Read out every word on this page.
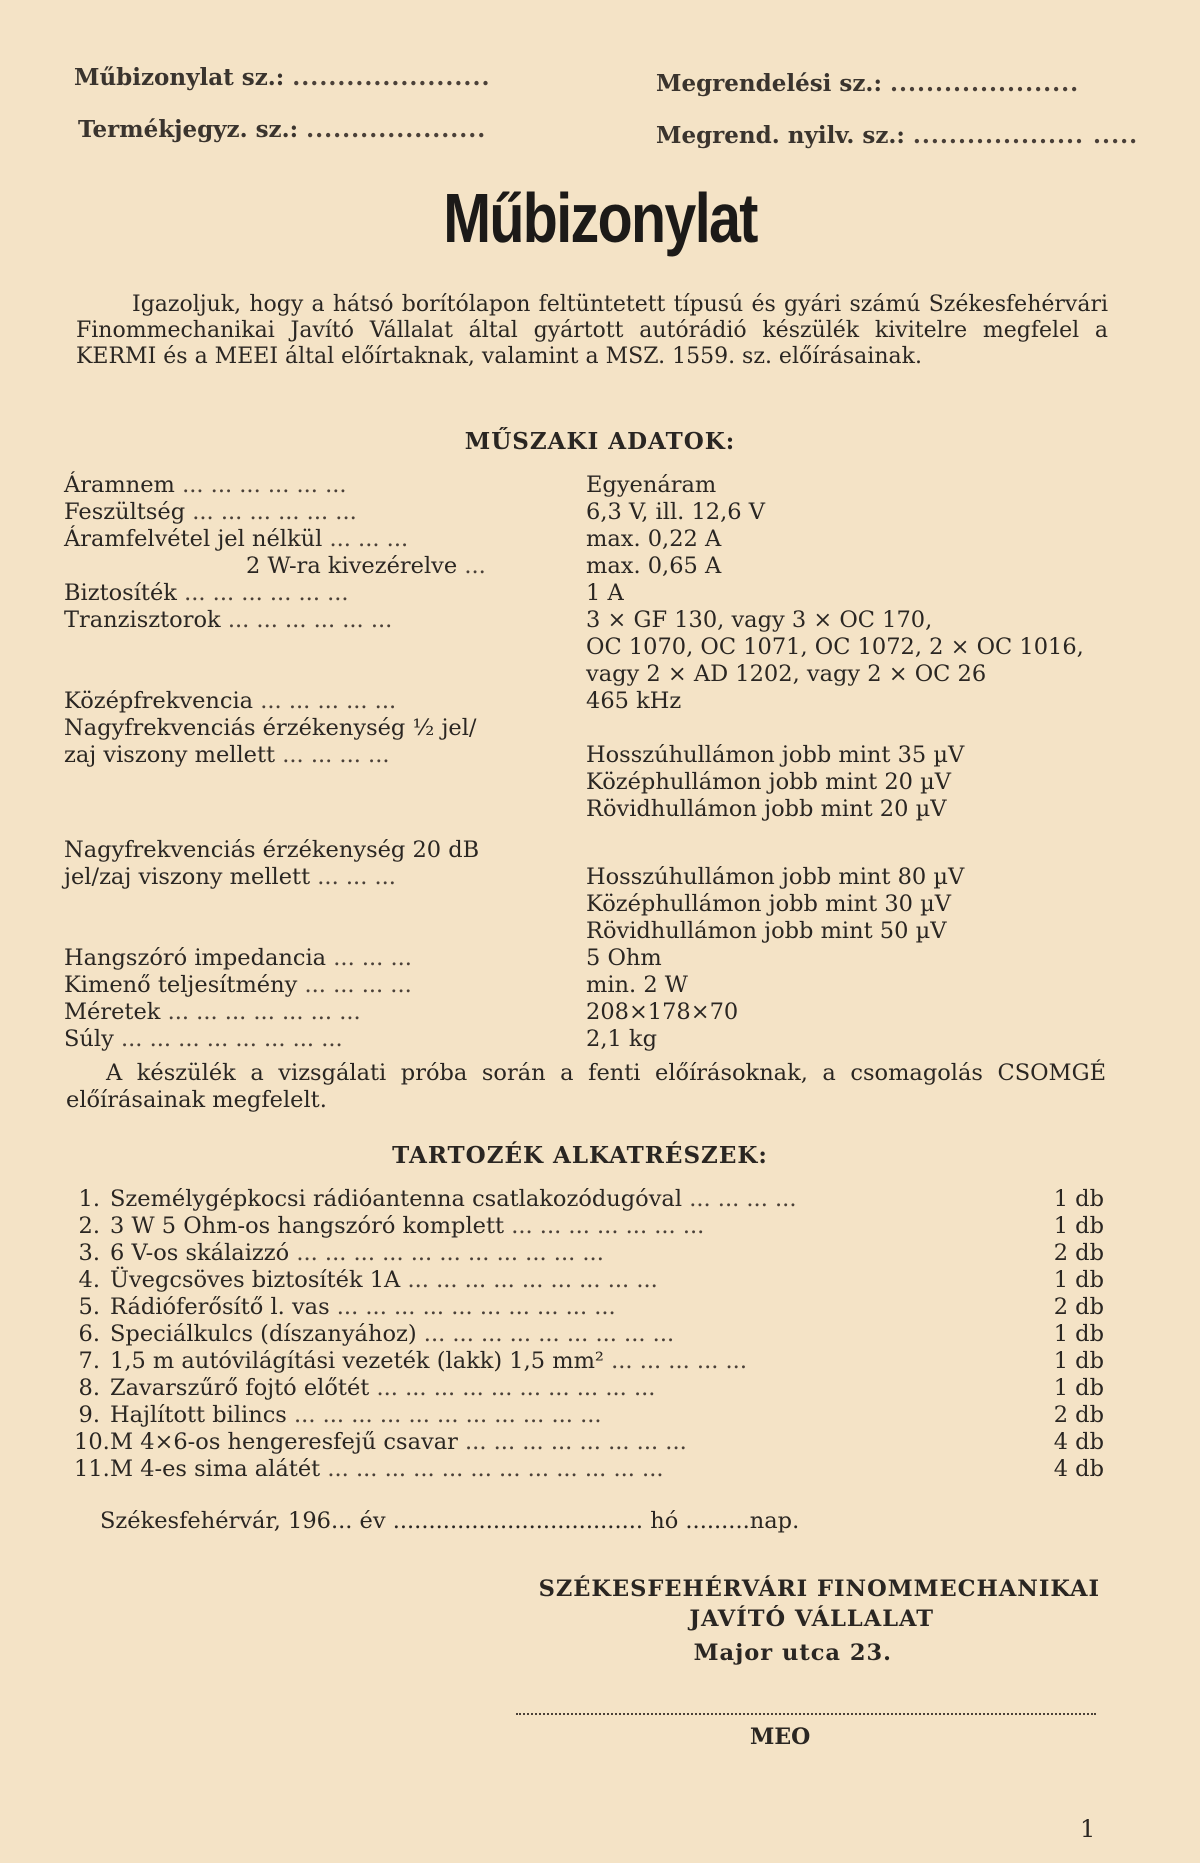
Műbizonylat sz.: ......................	Megrendelési sz.: .....................
Termékjegyz. sz.: ....................	Megrend. nyilv. sz.: ................... .....
Műbizonylat

Igazoljuk, hogy a hátsó borítólapon feltüntetett típusú és gyári számú Székesfehérvári Finommechanikai Javító Vállalat által gyártott autórádió készülék kivitelre megfelel a KERMI és a MEEI által előírtaknak, valamint a MSZ. 1559. sz. előírásainak.

MŰSZAKI ADATOK:
Áramnem ... ... ... ... ... ...	Egyenáram
Feszültség ... ... ... ... ... ...	6,3 V, ill. 12,6 V
Áramfelvétel jel nélkül ... ... ...	max. 0,22 A
2 W-ra kivezérelve ...	max. 0,65 A
Biztosíték ... ... ... ... ... ...	1 A
Tranzisztorok ... ... ... ... ... ...	3 × GF 130, vagy 3 × OC 170,
OC 1070, OC 1071, OC 1072, 2 × OC 1016,
vagy 2 × AD 1202, vagy 2 × OC 26
Középfrekvencia ... ... ... ... ...	465 kHz
Nagyfrekvenciás érzékenység ½ jel/
zaj viszony mellett ... ... ... ...	Hosszúhullámon jobb mint 35 µV
Középhullámon jobb mint 20 µV
Rövidhullámon jobb mint 20 µV
Nagyfrekvenciás érzékenység 20 dB
jel/zaj viszony mellett ... ... ...	Hosszúhullámon jobb mint 80 µV
Középhullámon jobb mint 30 µV
Rövidhullámon jobb mint 50 µV
Hangszóró impedancia ... ... ...	5 Ohm
Kimenő teljesítmény ... ... ... ...	min. 2 W
Méretek ... ... ... ... ... ... ...	208×178×70
Súly ... ... ... ... ... ... ... ...	2,1 kg

A készülék a vizsgálati próba során a fenti előírásoknak, a csomagolás CSOMGÉ előírásainak megfelelt.

TARTOZÉK ALKATRÉSZEK:
1. Személygépkocsi rádióantenna csatlakozódugóval ... ... ... ...	1 db
2. 3 W 5 Ohm-os hangszóró komplett ... ... ... ... ... ... ...	1 db
3. 6 V-os skálaizzó ... ... ... ... ... ... ... ... ... ... ...	2 db
4. Üvegcsöves biztosíték 1A ... ... ... ... ... ... ... ... ...	1 db
5. Rádióferősítő l. vas ... ... ... ... ... ... ... ... ... ...	2 db
6. Speciálkulcs (díszanyához) ... ... ... ... ... ... ... ... ...	1 db
7. 1,5 m autóvilágítási vezeték (lakk) 1,5 mm² ... ... ... ... ...	1 db
8. Zavarszűrő fojtó előtét ... ... ... ... ... ... ... ... ... ...	1 db
9. Hajlított bilincs ... ... ... ... ... ... ... ... ... ... ...	2 db
10. M 4×6-os hengeresfejű csavar ... ... ... ... ... ... ... ...	4 db
11. M 4-es sima alátét ... ... ... ... ... ... ... ... ... ... ... ...	4 db
Székesfehérvár, 196... év ................................... hó .........nap.
SZÉKESFEHÉRVÁRI FINOMMECHANIKAI
JAVÍTÓ VÁLLALAT
Major utca 23.
MEO
1
